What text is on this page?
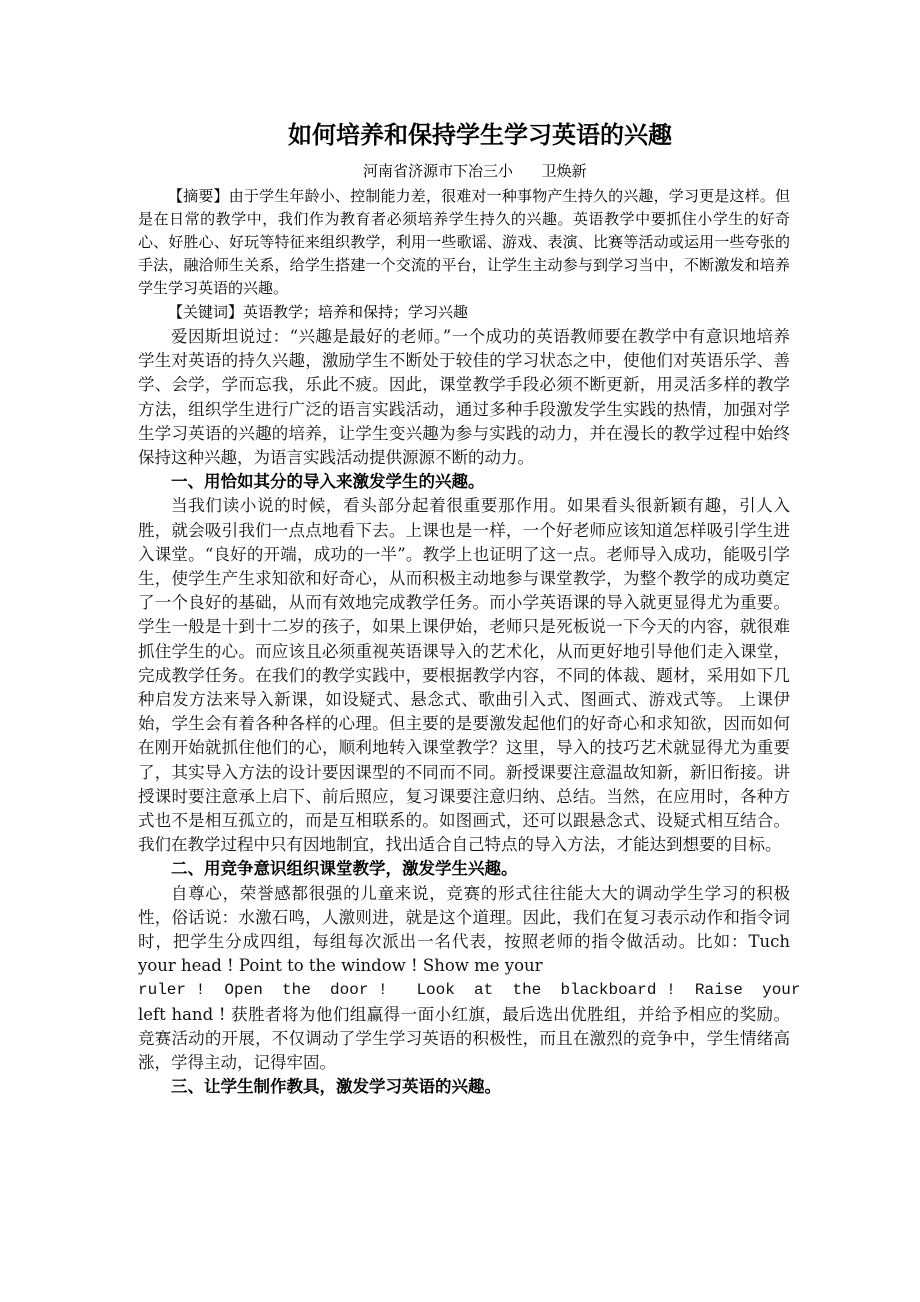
如何培养和保持学生学习英语的兴趣
河南省济源市下冶三小      卫焕新

【摘要】由于学生年龄小、控制能力差，很难对一种事物产生持久的兴趣，学习更是这样。但是在日常的教学中，我们作为教育者必须培养学生持久的兴趣。英语教学中要抓住小学生的好奇心、好胜心、好玩等特征来组织教学，利用一些歌谣、游戏、表演、比赛等活动或运用一些夸张的手法，融洽师生关系，给学生搭建一个交流的平台，让学生主动参与到学习当中，不断激发和培养学生学习英语的兴趣。

【关键词】英语教学；培养和保持；学习兴趣

爱因斯坦说过：“兴趣是最好的老师。”一个成功的英语教师要在教学中有意识地培养学生对英语的持久兴趣，激励学生不断处于较佳的学习状态之中，使他们对英语乐学、善学、会学，学而忘我，乐此不疲。因此，课堂教学手段必须不断更新，用灵活多样的教学方法，组织学生进行广泛的语言实践活动，通过多种手段激发学生实践的热情，加强对学生学习英语的兴趣的培养，让学生变兴趣为参与实践的动力，并在漫长的教学过程中始终保持这种兴趣，为语言实践活动提供源源不断的动力。

一、用恰如其分的导入来激发学生的兴趣。

当我们读小说的时候，看头部分起着很重要那作用。如果看头很新颖有趣，引人入胜，就会吸引我们一点点地看下去。上课也是一样，一个好老师应该知道怎样吸引学生进入课堂。“良好的开端，成功的一半”。教学上也证明了这一点。老师导入成功，能吸引学生，使学生产生求知欲和好奇心，从而积极主动地参与课堂教学，为整个教学的成功奠定了一个良好的基础，从而有效地完成教学任务。而小学英语课的导入就更显得尤为重要。学生一般是十到十二岁的孩子，如果上课伊始，老师只是死板说一下今天的内容，就很难抓住学生的心。而应该且必须重视英语课导入的艺术化，从而更好地引导他们走入课堂，完成教学任务。在我们的教学实践中，要根据教学内容，不同的体裁、题材，采用如下几种启发方法来导入新课，如设疑式、悬念式、歌曲引入式、图画式、游戏式等。 上课伊始，学生会有着各种各样的心理。但主要的是要激发起他们的好奇心和求知欲，因而如何在刚开始就抓住他们的心，顺利地转入课堂教学？这里，导入的技巧艺术就显得尤为重要了，其实导入方法的设计要因课型的不同而不同。新授课要注意温故知新，新旧衔接。讲授课时要注意承上启下、前后照应，复习课要注意归纳、总结。当然，在应用时，各种方式也不是相互孤立的，而是互相联系的。如图画式，还可以跟悬念式、设疑式相互结合。我们在教学过程中只有因地制宜，找出适合自己特点的导入方法，才能达到想要的目标。

二、用竞争意识组织课堂教学，激发学生兴趣。

自尊心，荣誉感都很强的儿童来说，竞赛的形式往往能大大的调动学生学习的积极性，俗话说：水激石鸣，人激则进，就是这个道理。因此，我们在复习表示动作和指令词时，把学生分成四组，每组每次派出一名代表，按照老师的指令做活动。比如：Tuch your head ! Point to the window ! Show me your

ruler !  Open  the  door !   Look  at  the  blackboard !  Raise  your

left hand ! 获胜者将为他们组赢得一面小红旗，最后选出优胜组，并给予相应的奖励。竞赛活动的开展，不仅调动了学生学习英语的积极性，而且在激烈的竞争中，学生情绪高涨，学得主动，记得牢固。

三、让学生制作教具，激发学习英语的兴趣。
